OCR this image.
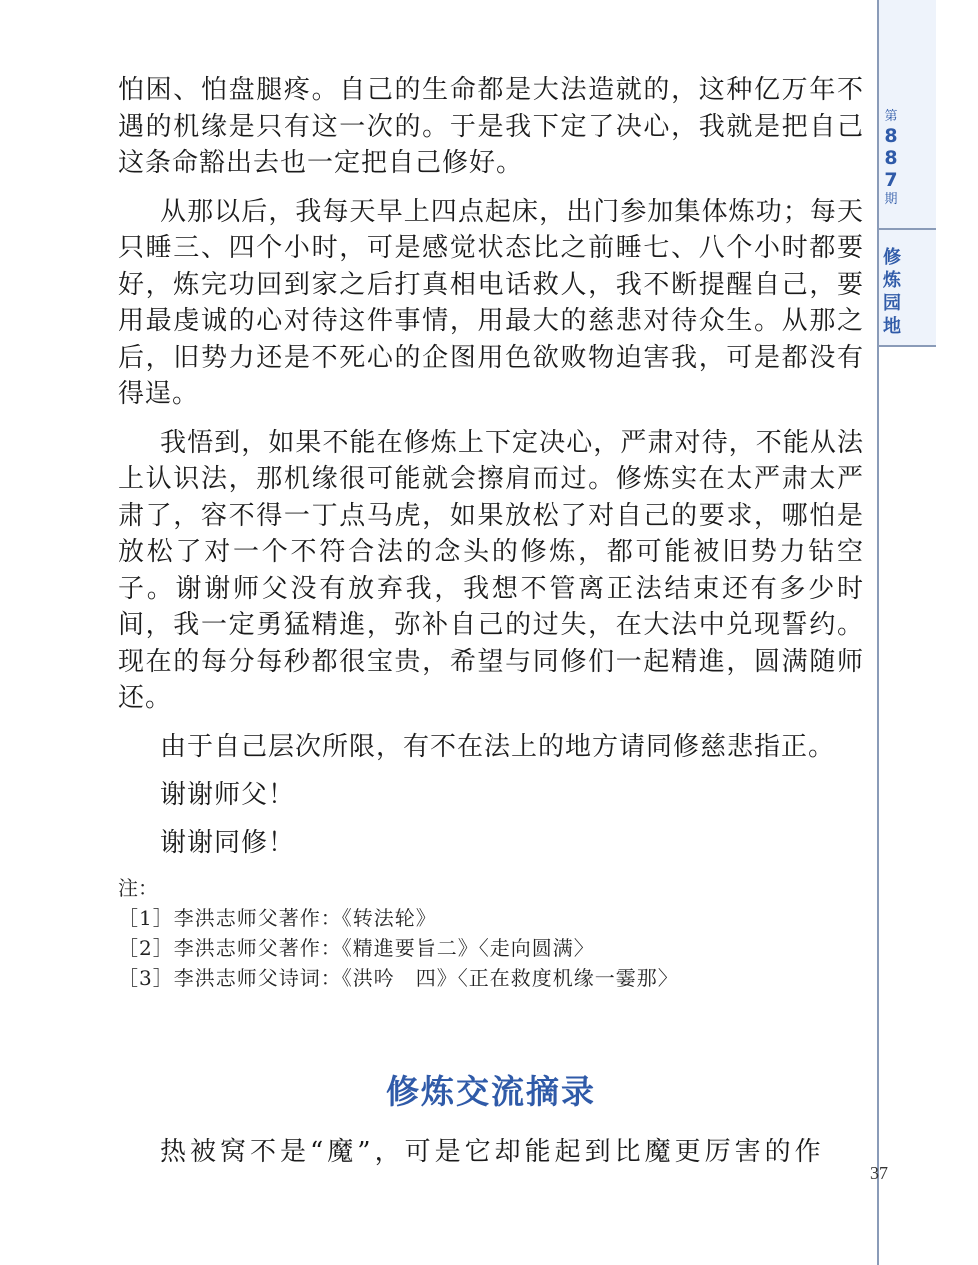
第
8
8
7
期
修
炼
园
地
37

怕困、怕盘腿疼。自己的生命都是大法造就的，这种亿万年不遇的机缘是只有这一次的。于是我下定了决心，我就是把自己这条命豁出去也一定把自己修好。

从那以后，我每天早上四点起床，出门参加集体炼功；每天只睡三、四个小时，可是感觉状态比之前睡七、八个小时都要好，炼完功回到家之后打真相电话救人，我不断提醒自己，要用最虔诚的心对待这件事情，用最大的慈悲对待众生。从那之后，旧势力还是不死心的企图用色欲败物迫害我，可是都没有得逞。

我悟到，如果不能在修炼上下定决心，严肃对待，不能从法上认识法，那机缘很可能就会擦肩而过。修炼实在太严肃太严肃了，容不得一丁点马虎，如果放松了对自己的要求，哪怕是放松了对一个不符合法的念头的修炼，都可能被旧势力钻空子。谢谢师父没有放弃我，我想不管离正法结束还有多少时间，我一定勇猛精進，弥补自己的过失，在大法中兑现誓约。现在的每分每秒都很宝贵，希望与同修们一起精進，圆满随师还。

由于自己层次所限，有不在法上的地方请同修慈悲指正。

谢谢师父！
谢谢同修！
注：
［1］李洪志师父著作：《转法轮》
［2］李洪志师父著作：《精進要旨二》〈走向圆满〉
［3］李洪志师父诗词：《洪吟　四》〈正在救度机缘一霎那〉
修炼交流摘录
热被窝不是“魔”，可是它却能起到比魔更厉害的作
